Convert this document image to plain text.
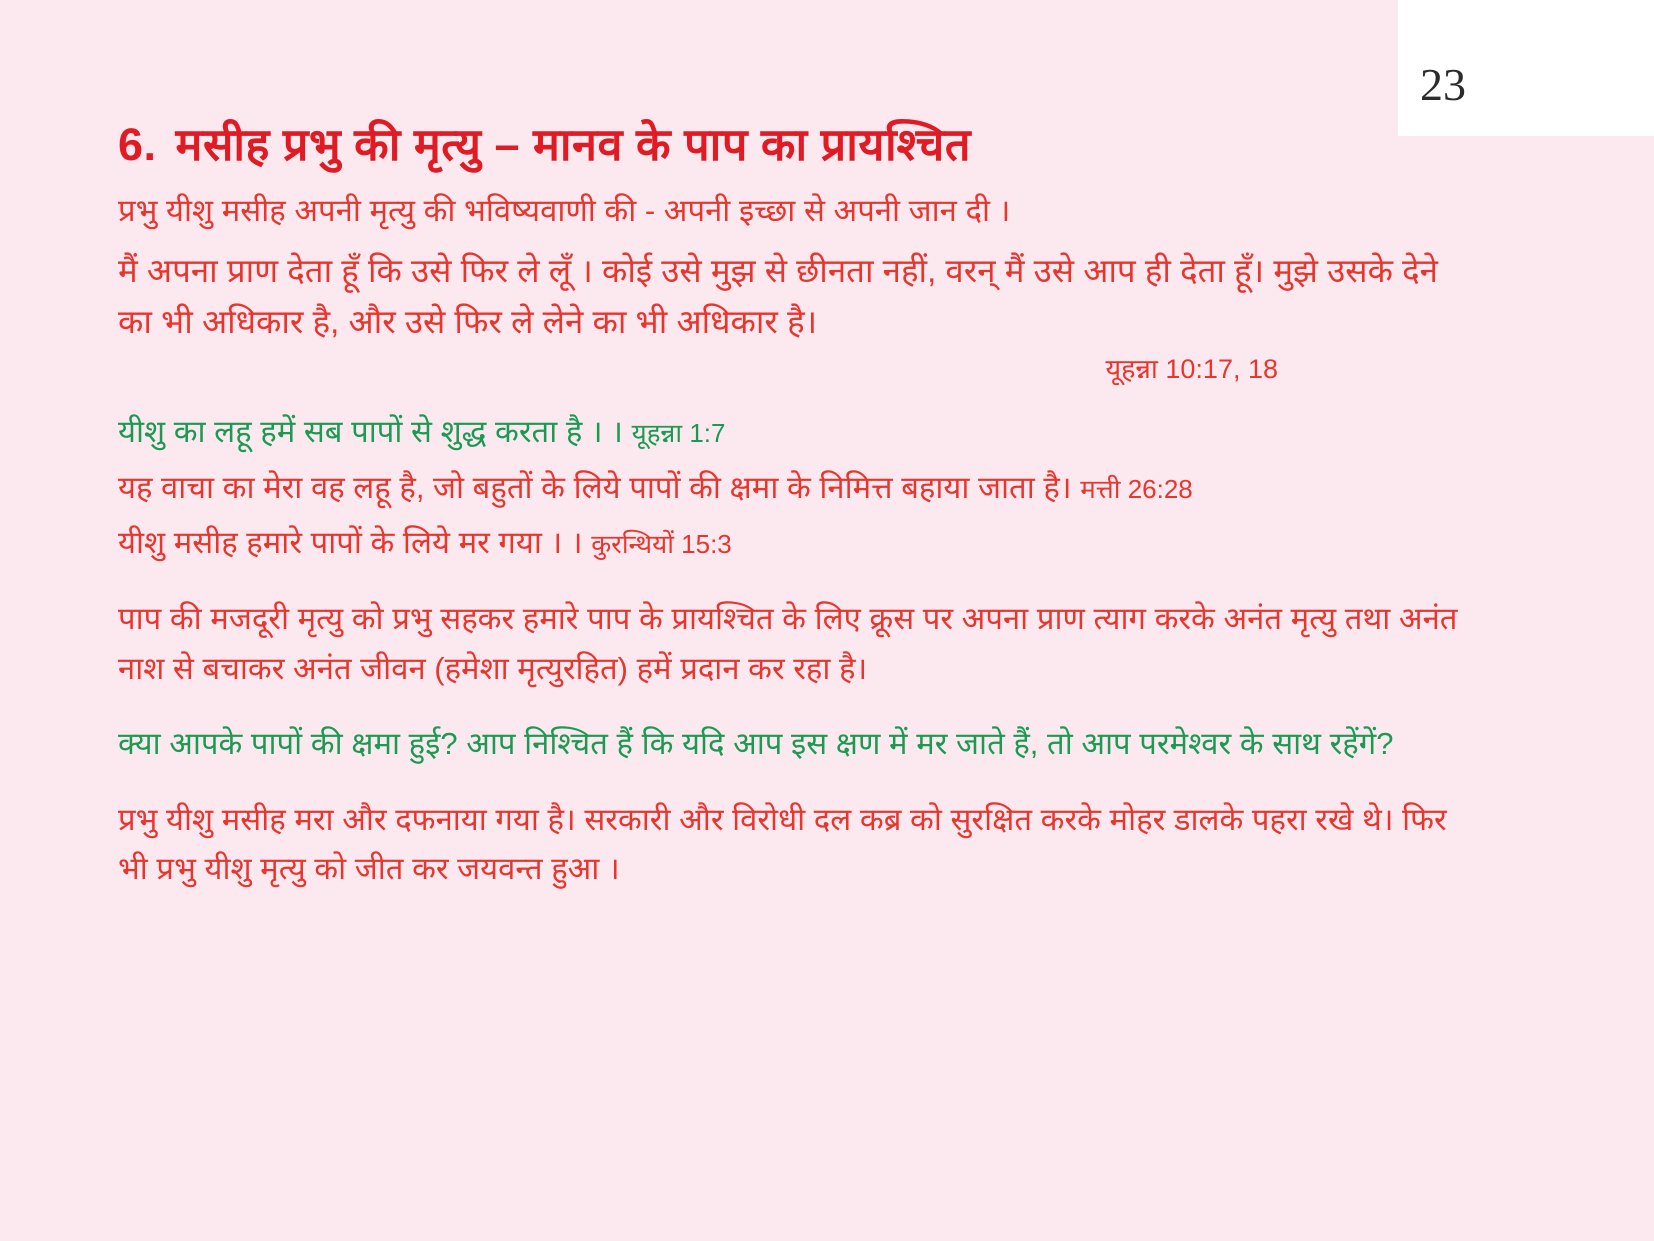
6. मसीह प्रभु की मृत्यु – मानव के पाप का प्रायश्चित

प्रभु यीशु मसीह अपनी मृत्यु की भविष्यवाणी की - अपनी इच्छा से अपनी जान दी ।

मैं अपना प्राण देता हूँ कि उसे फिर ले लूँ । कोई उसे मुझ से छीनता नहीं, वरन् मैं उसे आप ही देता हूँ। मुझे उसके देने का भी अधिकार है, और उसे फिर ले लेने का भी अधिकार है।

यूहन्ना 10:17, 18

यीशु का लहू हमें सब पापों से शुद्ध करता है । । यूहन्ना 1:7

यह वाचा का मेरा वह लहू है, जो बहुतों के लिये पापों की क्षमा के निमित्त बहाया जाता है। मत्ती 26:28

यीशु मसीह हमारे पापों के लिये मर गया । । कुरन्थियों 15:3

पाप की मजदूरी मृत्यु को प्रभु सहकर हमारे पाप के प्रायश्चित के लिए क्रूस पर अपना प्राण त्याग करके अनंत मृत्यु तथा अनंत नाश से बचाकर अनंत जीवन (हमेशा मृत्युरहित) हमें प्रदान कर रहा है।

क्या आपके पापों की क्षमा हुई? आप निश्चित हैं कि यदि आप इस क्षण में मर जाते हैं, तो आप परमेश्वर के साथ रहेंगें?

प्रभु यीशु मसीह मरा और दफनाया गया है। सरकारी और विरोधी दल कब्र को सुरक्षित करके मोहर डालके पहरा रखे थे। फिर भी प्रभु यीशु मृत्यु को जीत कर जयवन्त हुआ ।

23
